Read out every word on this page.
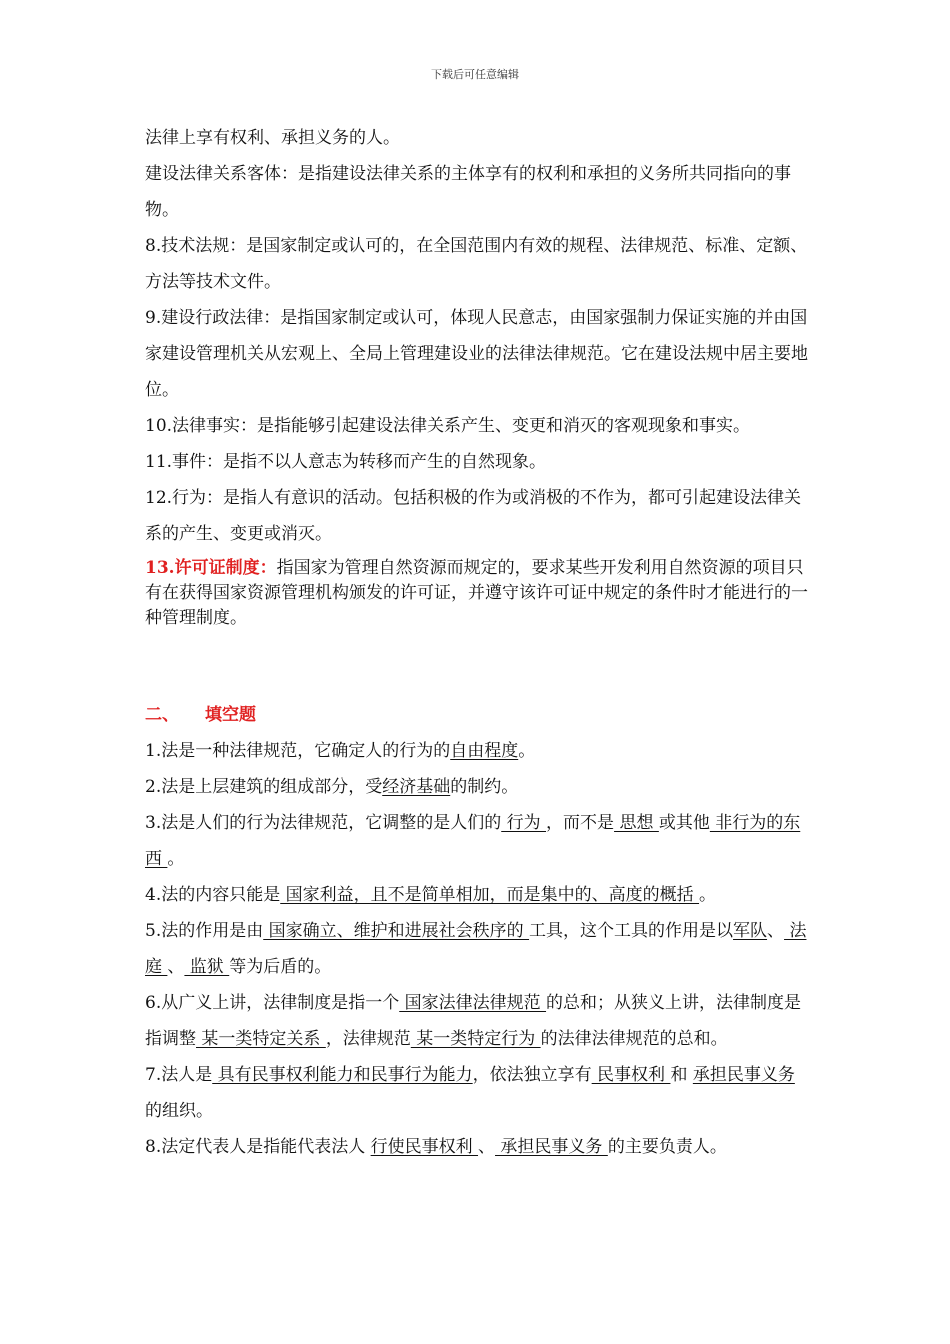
下载后可任意编辑

法律上享有权利、承担义务的人。

建设法律关系客体：是指建设法律关系的主体享有的权利和承担的义务所共同指向的事物。

8.技术法规：是国家制定或认可的，在全国范围内有效的规程、法律规范、标准、定额、方法等技术文件。

9.建设行政法律：是指国家制定或认可，体现人民意志，由国家强制力保证实施的并由国家建设管理机关从宏观上、全局上管理建设业的法律法律规范。它在建设法规中居主要地位。

10.法律事实：是指能够引起建设法律关系产生、变更和消灭的客观现象和事实。

11.事件：是指不以人意志为转移而产生的自然现象。

12.行为：是指人有意识的活动。包括积极的作为或消极的不作为，都可引起建设法律关系的产生、变更或消灭。

13.许可证制度：指国家为管理自然资源而规定的，要求某些开发利用自然资源的项目只有在获得国家资源管理机构颁发的许可证，并遵守该许可证中规定的条件时才能进行的一种管理制度。

二、 填空题

1.法是一种法律规范，它确定人的行为的自由程度。

2.法是上层建筑的组成部分，受经济基础的制约。

3.法是人们的行为法律规范，它调整的是人们的 行为 ，而不是 思想 或其他 非行为的东西 。

4.法的内容只能是 国家利益，且不是简单相加，而是集中的、高度的概括 。

5.法的作用是由 国家确立、维护和进展社会秩序的 工具，这个工具的作用是以军队、 法庭 、 监狱 等为后盾的。

6.从广义上讲，法律制度是指一个 国家法律法律规范 的总和；从狭义上讲，法律制度是指调整 某一类特定关系 ，法律规范 某一类特定行为 的法律法律规范的总和。

7.法人是 具有民事权利能力和民事行为能力，依法独立享有 民事权利 和 承担民事义务 的组织。

8.法定代表人是指能代表法人 行使民事权利 、 承担民事义务 的主要负责人。
